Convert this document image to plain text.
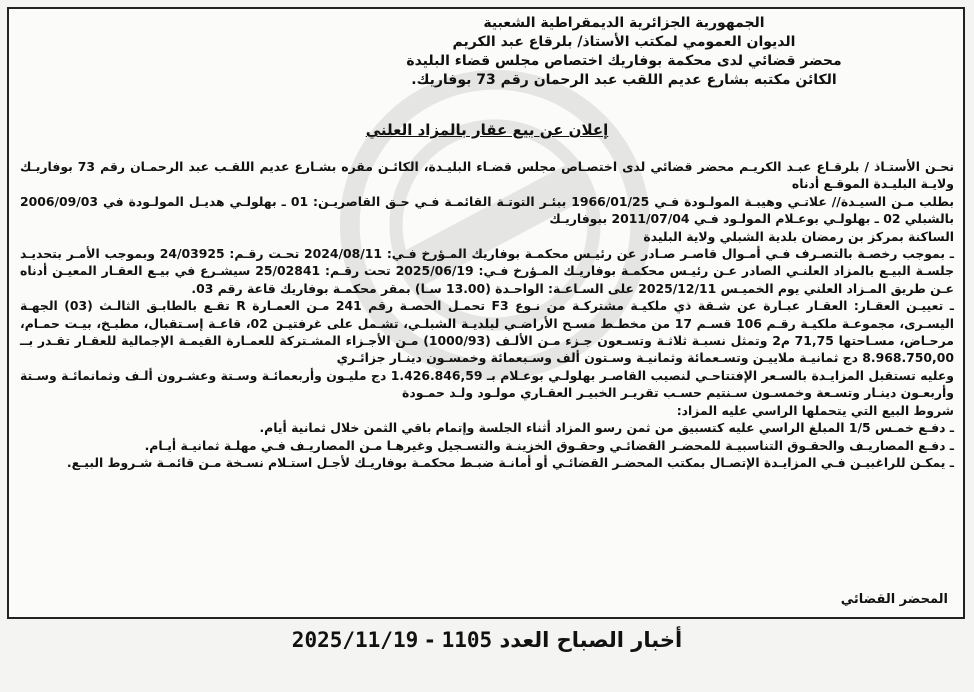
الجمهورية الجزائرية الديمقراطية الشعبية
الديوان العمومي لمكتب الأستاذ/ بلرقاع عبد الكريم
محضر قضائي لدى محكمة بوفاريك اختصاص مجلس قضاء البليدة
الكائن مكتبه بشارع عديم اللقب عبد الرحمان رقم 73 بوفاريك.
إعلان عن بيع عقار بالمزاد العلني

نحـن الأستـاذ / بلرقـاع عبـد الكريـم محضر قضائي لدى اختصـاص مجلس قضـاء البليـدة، الكائـن مقره بشـارع عديم اللقـب عبد الرحمـان رقم 73 بوفاريـك ولايـة البليـدة الموقـع أدناه

بطلب مـن السيـدة// علاتـي وهيبـة المولـودة فـي 1966/01/25 ببئـر التوتـة القائمـة فـي حـق القاصريـن: 01 ـ بهلولـي هديـل المولـودة في 2006/09/03 بالشبلي 02 ـ بهلولـي بوعـلام المولـود فـي 2011/07/04 ببوفاريـك

الساكنة بمركز بن رمضان بلدية الشبلي ولاية البليدة

ـ بموجب رخصـة بالتصـرف فـي أمـوال قاصـر صـادر عن رئيـس محكمـة بوفاريك المـؤرخ فـي: 2024/08/11 تحـت رقـم: 24/03925 وبموجب الأمـر بتحديـد جلسـة البيـع بالمزاد العلنـي الصادر عـن رئيـس محكمـة بوفاريـك المـؤرخ فـي: 2025/06/19 تحت رقـم: 25/02841 سيشـرع في بيـع العقـار المعيـن أدناه عـن طريق المـزاد العلني يوم الخميـس 2025/12/11 على السـاعـة: الواحـدة (13.00 سـا) بمقر محكمـة بوفاريك قاعة رقم 03.

ـ تعييـن العقـار: العقـار عبـارة عن شـقة ذي ملكيـة مشتركـة من نـوع F3 تحمـل الحصـة رقم 241 مـن العمـارة R تقـع بالطابـق الثالـث (03) الجهـة اليسـرى، مجموعـة ملكيـة رقـم 106 قسـم 17 من مخطـط مسـح الأراضـي لبلديـة الشبلـي، تشـمل على غرفتيـن 02، قاعـة إسـتقبال، مطبـخ، بيـت حمـام، مرحـاض، مسـاحتها 71,75 م2 وتمثل نسبـة ثلاثـة وتسـعون جـزء مـن الألـف (1000/93) مـن الأجـزاء المشـتركة للعمـارة القيمـة الإجمالية للعقـار تقـدر بــ 8.968.750,00 دج ثمانيـة ملاييـن وتسـعمائة وثمانيـة وسـتون ألف وسـبعمائة وخمسـون دينـار جزائـري

وعليه تستقبل المزايـدة بالسـعر الإفتتاحـي لنصيب القاصـر بهلولـي بوعـلام بـ 1.426.846,59 دج مليـون وأربعمائـة وسـتة وعشـرون ألـف وثمانمائـة وسـتة وأربعـون دينـار وتسـعة وخمسـون سـنتيم حسـب تقريـر الخبيـر العقـاري مولـود ولـد حمـودة

شروط البيع التي يتحملها الراسي عليه المزاد:

ـ دفـع خمـس 1/5 المبلغ الراسي عليه كتسبيق من ثمن رسو المزاد أثناء الجلسة وإتمام باقي الثمن خلال ثمانية أيام.

ـ دفـع المصاريـف والحقـوق التناسبيـة للمحضـر القضائـي وحقـوق الخزينـة والتسـجيل وغيرهـا مـن المصاريـف فـي مهلـة ثمانيـة أيـام.

ـ يمكـن للراغبيـن فـي المزايـدة الإتصـال بمكتب المحضـر القضائـي أو أمانـة ضبـط محكمـة بوفاريـك لأجـل استـلام نسـخة مـن قائمـة شـروط البيـع.

المحضر القضائي
أخبار الصباح العدد 1105 - 2025/11/19
